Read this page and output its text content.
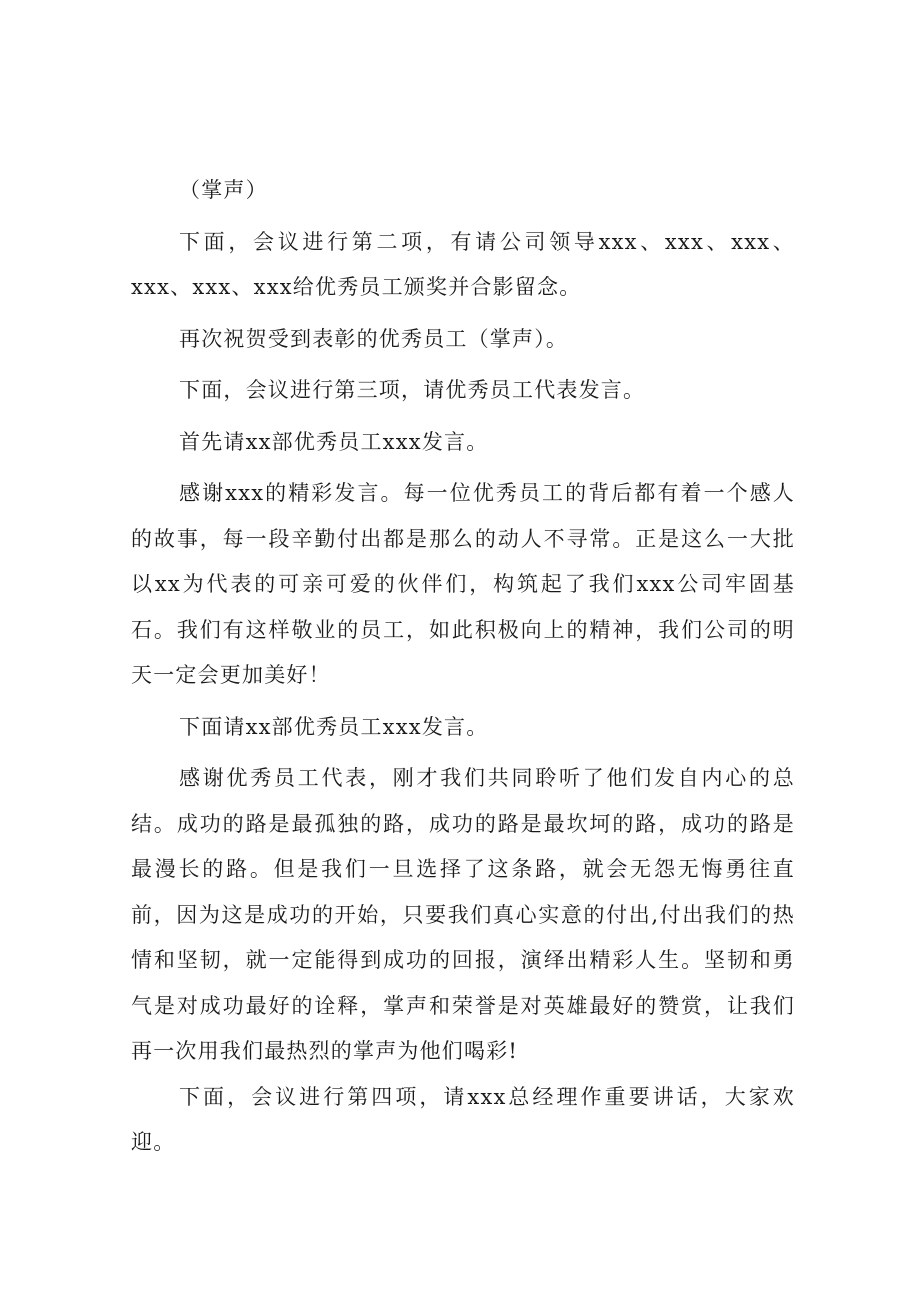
（掌声）

下面，会议进行第二项，有请公司领导xxx、xxx、xxx、xxx、xxx、xxx给优秀员工颁奖并合影留念。

再次祝贺受到表彰的优秀员工（掌声）。

下面，会议进行第三项，请优秀员工代表发言。

首先请xx部优秀员工xxx发言。

感谢xxx的精彩发言。每一位优秀员工的背后都有着一个感人的故事，每一段辛勤付出都是那么的动人不寻常。正是这么一大批以xx为代表的可亲可爱的伙伴们，构筑起了我们xxx公司牢固基石。我们有这样敬业的员工，如此积极向上的精神，我们公司的明天一定会更加美好！

下面请xx部优秀员工xxx发言。

感谢优秀员工代表，刚才我们共同聆听了他们发自内心的总结。成功的路是最孤独的路，成功的路是最坎坷的路，成功的路是最漫长的路。但是我们一旦选择了这条路，就会无怨无悔勇往直前，因为这是成功的开始，只要我们真心实意的付出,付出我们的热情和坚韧，就一定能得到成功的回报，演绎出精彩人生。坚韧和勇气是对成功最好的诠释，掌声和荣誉是对英雄最好的赞赏，让我们再一次用我们最热烈的掌声为他们喝彩!

下面，会议进行第四项，请xxx总经理作重要讲话，大家欢迎。
